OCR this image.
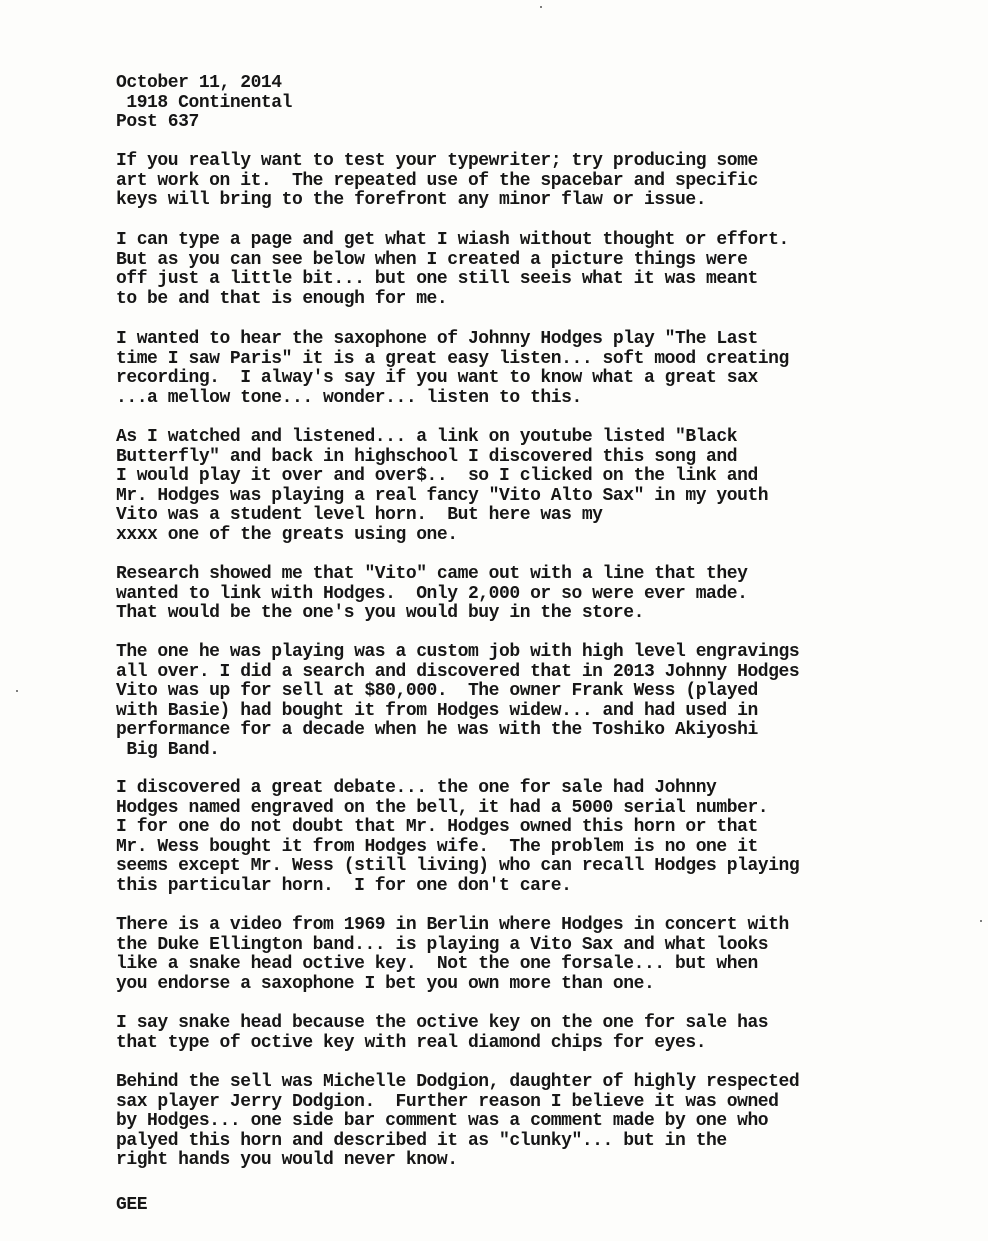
October 11, 2014
1918 Continental
Post 637
If you really want to test your typewriter; try producing some
art work on it.  The repeated use of the spacebar and specific
keys will bring to the forefront any minor flaw or issue.
I can type a page and get what I wiash without thought or effort.
But as you can see below when I created a picture things were
off just a little bit... but one still seeis what it was meant
to be and that is enough for me.
I wanted to hear the saxophone of Johnny Hodges play "The Last
time I saw Paris" it is a great easy listen... soft mood creating
recording.  I alway's say if you want to know what a great sax
...a mellow tone... wonder... listen to this.
As I watched and listened... a link on youtube listed "Black
Butterfly" and back in highschool I discovered this song and
I would play it over and over$..  so I clicked on the link and
Mr. Hodges was playing a real fancy "Vito Alto Sax" in my youth
Vito was a student level horn.  But here was my
xxxx one of the greats using one.
Research showed me that "Vito" came out with a line that they
wanted to link with Hodges.  Only 2,000 or so were ever made.
That would be the one's you would buy in the store.
The one he was playing was a custom job with high level engravings
all over. I did a search and discovered that in 2013 Johnny Hodges
Vito was up for sell at $80,000.  The owner Frank Wess (played
with Basie) had bought it from Hodges widew... and had used in
performance for a decade when he was with the Toshiko Akiyoshi
Big Band.
I discovered a great debate... the one for sale had Johnny
Hodges named engraved on the bell, it had a 5000 serial number.
I for one do not doubt that Mr. Hodges owned this horn or that
Mr. Wess bought it from Hodges wife.  The problem is no one it
seems except Mr. Wess (still living) who can recall Hodges playing
this particular horn.  I for one don't care.
There is a video from 1969 in Berlin where Hodges in concert with
the Duke Ellington band... is playing a Vito Sax and what looks
like a snake head octive key.  Not the one forsale... but when
you endorse a saxophone I bet you own more than one.
I say snake head because the octive key on the one for sale has
that type of octive key with real diamond chips for eyes.
Behind the sell was Michelle Dodgion, daughter of highly respected
sax player Jerry Dodgion.  Further reason I believe it was owned
by Hodges... one side bar comment was a comment made by one who
palyed this horn and described it as "clunky"... but in the
right hands you would never know.
GEE
